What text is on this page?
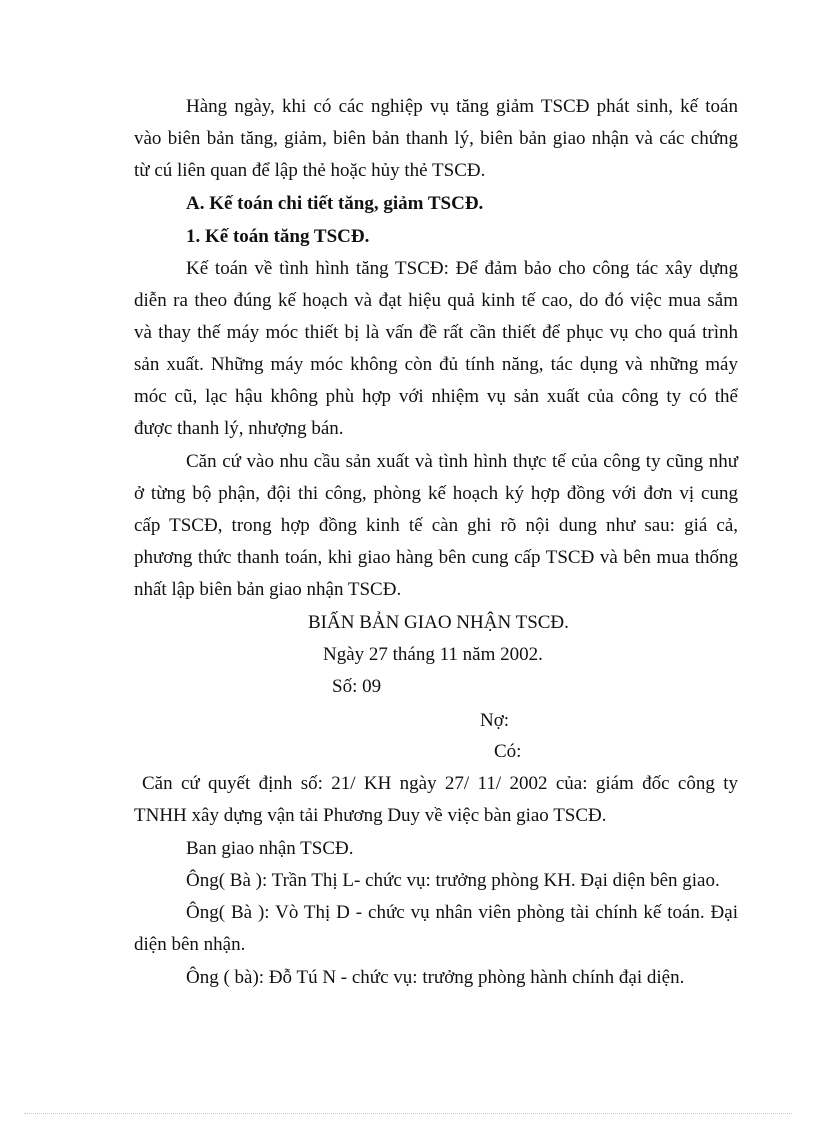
Hàng ngày, khi có các nghiệp vụ tăng giảm TSCĐ phát sinh, kế toán
vào biên bản tăng, giảm, biên bản thanh lý, biên bản giao nhận và các chứng
từ cú liên quan để lập thẻ hoặc hủy thẻ TSCĐ.
A. Kế toán chi tiết tăng, giảm TSCĐ.
1. Kế toán tăng TSCĐ.
Kế toán về tình hình tăng TSCĐ: Để đảm bảo cho công tác xây dựng
diễn ra theo đúng kế hoạch và đạt hiệu quả kinh tế cao, do đó việc mua sắm
và thay thế máy móc thiết bị là vấn đề rất cần thiết để phục vụ cho quá trình
sản xuất. Những máy móc không còn đủ tính năng, tác dụng và những máy
móc cũ, lạc hậu không phù hợp với nhiệm vụ sản xuất của công ty có thể
được thanh lý, nhượng bán.
Căn cứ vào nhu cầu sản xuất và tình hình thực tế của công ty cũng như
ở từng bộ phận, đội thi công, phòng kế hoạch ký hợp đồng với đơn vị cung
cấp TSCĐ, trong hợp đồng kinh tế càn ghi rõ nội dung như sau: giá cả,
phương thức thanh toán, khi giao hàng bên cung cấp TSCĐ và bên mua thống
nhất lập biên bản giao nhận TSCĐ.
BIẤN BẢN GIAO NHẬN TSCĐ.
Ngày 27 tháng 11 năm 2002.
Số: 09
Nợ:
Có:
Căn cứ quyết định số: 21/ KH ngày 27/ 11/ 2002 của: giám đốc công ty
TNHH xây dựng vận tải Phương Duy về việc bàn giao TSCĐ.
Ban giao nhận TSCĐ.
Ông( Bà ): Trần Thị L- chức vụ: trưởng phòng KH. Đại diện bên giao.
Ông( Bà ): Vò Thị D - chức vụ nhân viên phòng tài chính kế toán. Đại
diện bên nhận.
Ông ( bà): Đỗ Tú N - chức vụ: trưởng phòng hành chính đại diện.
